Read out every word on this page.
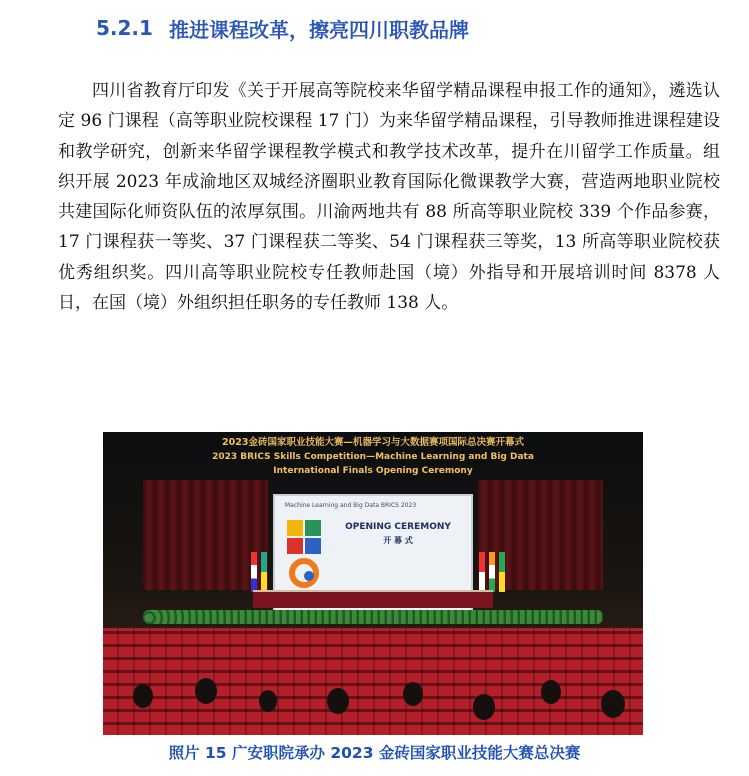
5.2.1 推进课程改革，擦亮四川职教品牌
四川省教育厅印发《关于开展高等院校来华留学精品课程申报工作的通知》，遴选认定 96 门课程（高等职业院校课程 17 门）为来华留学精品课程，引导教师推进课程建设和教学研究，创新来华留学课程教学模式和教学技术改革，提升在川留学工作质量。组织开展 2023 年成渝地区双城经济圈职业教育国际化微课教学大赛，营造两地职业院校共建国际化师资队伍的浓厚氛围。川渝两地共有 88 所高等职业院校 339 个作品参赛，17 门课程获一等奖、37 门课程获二等奖、54 门课程获三等奖，13 所高等职业院校获优秀组织奖。四川高等职业院校专任教师赴国（境）外指导和开展培训时间 8378 人日，在国（境）外组织担任职务的专任教师 138 人。
2023金砖国家职业技能大赛—机器学习与大数据赛项国际总决赛开幕式
2023 BRICS Skills Competition—Machine Learning and Big Data International Finals Opening Ceremony
Machine Learning and Big Data BRICS 2023
OPENING CEREMONY
开 幕 式
照片 15 广安职院承办 2023 金砖国家职业技能大赛总决赛
